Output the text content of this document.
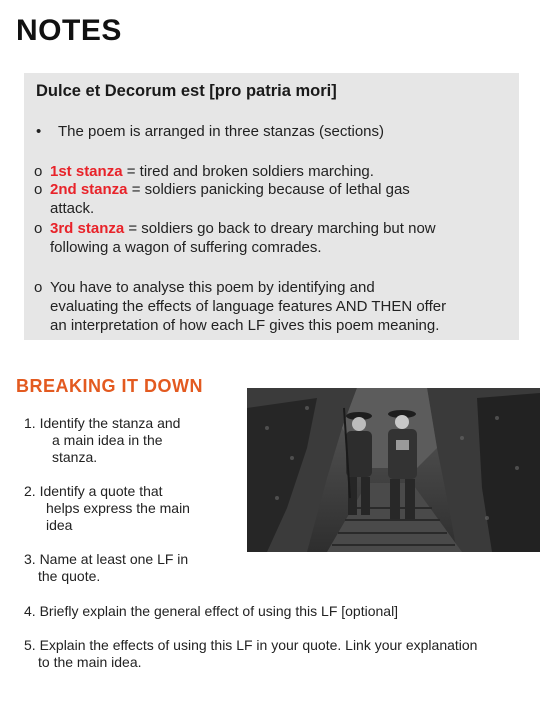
NOTES
Dulce et Decorum est [pro patria mori]
• The poem is arranged in three stanzas (sections)
o 1st stanza = tired and broken soldiers marching.
o 2nd stanza = soldiers panicking because of lethal gas
attack.
o 3rd stanza = soldiers go back to dreary marching but now
following a wagon of suffering comrades.
o You have to analyse this poem by identifying and
evaluating the effects of language features AND THEN offer
an interpretation of how each LF gives this poem meaning.
BREAKING IT DOWN
1. Identify the stanza and
a main idea in the
stanza.
2. Identify a quote that
helps express the main
idea
3. Name at least one LF in
the quote.
4. Briefly explain the general effect of using this LF [optional]
5. Explain the effects of using this LF in your quote. Link your explanation
to the main idea.
